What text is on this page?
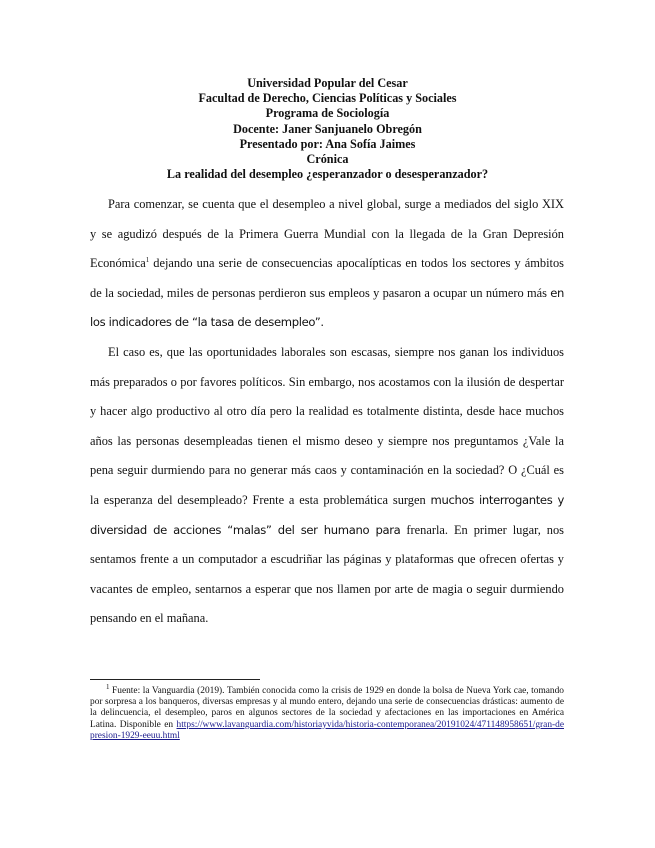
Universidad Popular del Cesar
Facultad de Derecho, Ciencias Políticas y Sociales
Programa de Sociología
Docente: Janer Sanjuanelo Obregón
Presentado por: Ana Sofía Jaimes
Crónica
La realidad del desempleo ¿esperanzador o desesperanzador?

Para comenzar, se cuenta que el desempleo a nivel global, surge a mediados del siglo XIX y se agudizó después de la Primera Guerra Mundial con la llegada de la Gran Depresión Económica$^1$ dejando una serie de consecuencias apocalípticas en todos los sectores y ámbitos de la sociedad, miles de personas perdieron sus empleos y pasaron a ocupar un número más en los indicadores de “la tasa de desempleo”.

El caso es, que las oportunidades laborales son escasas, siempre nos ganan los individuos más preparados o por favores políticos. Sin embargo, nos acostamos con la ilusión de despertar y hacer algo productivo al otro día pero la realidad es totalmente distinta, desde hace muchos años las personas desempleadas tienen el mismo deseo y siempre nos preguntamos ¿Vale la pena seguir durmiendo para no generar más caos y contaminación en la sociedad? O ¿Cuál es la esperanza del desempleado? Frente a esta problemática surgen muchos interrogantes y diversidad de acciones “malas” del ser humano para frenarla. En primer lugar, nos sentamos frente a un computador a escudriñar las páginas y plataformas que ofrecen ofertas y vacantes de empleo, sentarnos a esperar que nos llamen por arte de magia o seguir durmiendo pensando en el mañana.

$^1$ Fuente: la Vanguardia (2019). También conocida como la crisis de 1929 en donde la bolsa de Nueva York cae, tomando por sorpresa a los banqueros, diversas empresas y al mundo entero, dejando una serie de consecuencias drásticas: aumento de la delincuencia, el desempleo, paros en algunos sectores de la sociedad y afectaciones en las importaciones en América Latina. Disponible en https://www.lavanguardia.com/historiayvida/historia-contemporanea/20191024/471148958651/gran-depresion-1929-eeuu.html
